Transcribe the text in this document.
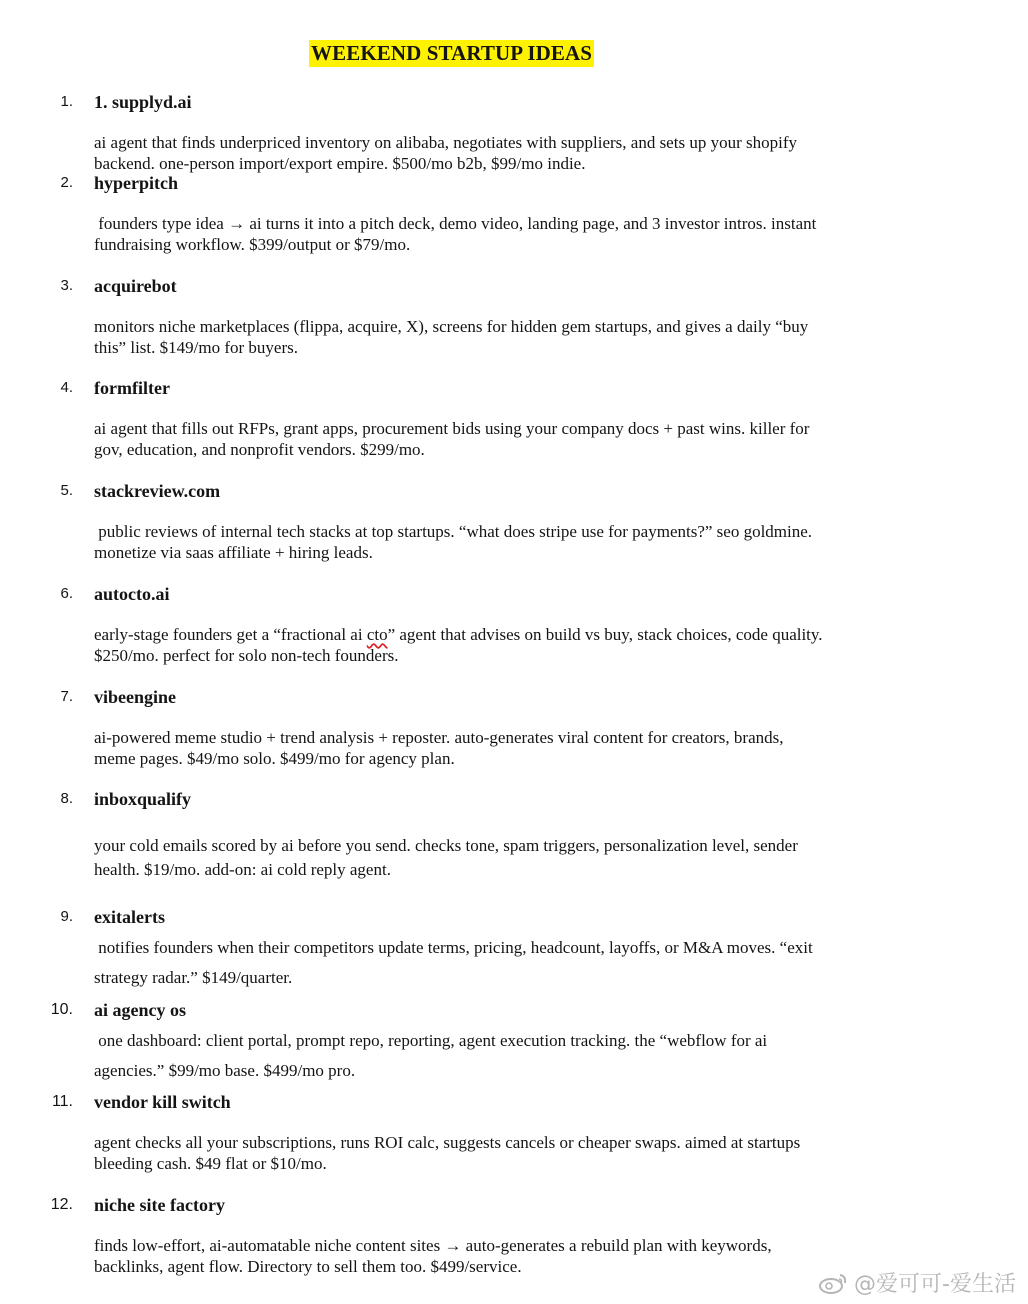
WEEKEND STARTUP IDEAS
1. 1. supplyd.ai
ai agent that finds underpriced inventory on alibaba, negotiates with suppliers, and sets up your shopify
backend. one-person import/export empire. $500/mo b2b, $99/mo indie.
2. hyperpitch
founders type idea → ai turns it into a pitch deck, demo video, landing page, and 3 investor intros. instant
fundraising workflow. $399/output or $79/mo.
3. acquirebot
monitors niche marketplaces (flippa, acquire, X), screens for hidden gem startups, and gives a daily “buy
this” list. $149/mo for buyers.
4. formfilter
ai agent that fills out RFPs, grant apps, procurement bids using your company docs + past wins. killer for
gov, education, and nonprofit vendors. $299/mo.
5. stackreview.com
public reviews of internal tech stacks at top startups. “what does stripe use for payments?” seo goldmine.
monetize via saas affiliate + hiring leads.
6. autocto.ai
early-stage founders get a “fractional ai cto” agent that advises on build vs buy, stack choices, code quality.
$250/mo. perfect for solo non-tech founders.
7. vibeengine
ai-powered meme studio + trend analysis + reposter. auto-generates viral content for creators, brands,
meme pages. $49/mo solo. $499/mo for agency plan.
8. inboxqualify
your cold emails scored by ai before you send. checks tone, spam triggers, personalization level, sender
health. $19/mo. add-on: ai cold reply agent.
9. exitalerts
notifies founders when their competitors update terms, pricing, headcount, layoffs, or M&A moves. “exit
strategy radar.” $149/quarter.
10. ai agency os
one dashboard: client portal, prompt repo, reporting, agent execution tracking. the “webflow for ai
agencies.” $99/mo base. $499/mo pro.
11. vendor kill switch
agent checks all your subscriptions, runs ROI calc, suggests cancels or cheaper swaps. aimed at startups
bleeding cash. $49 flat or $10/mo.
12. niche site factory
finds low-effort, ai-automatable niche content sites → auto-generates a rebuild plan with keywords,
backlinks, agent flow. Directory to sell them too. $499/service.
@爱可可-爱生活
